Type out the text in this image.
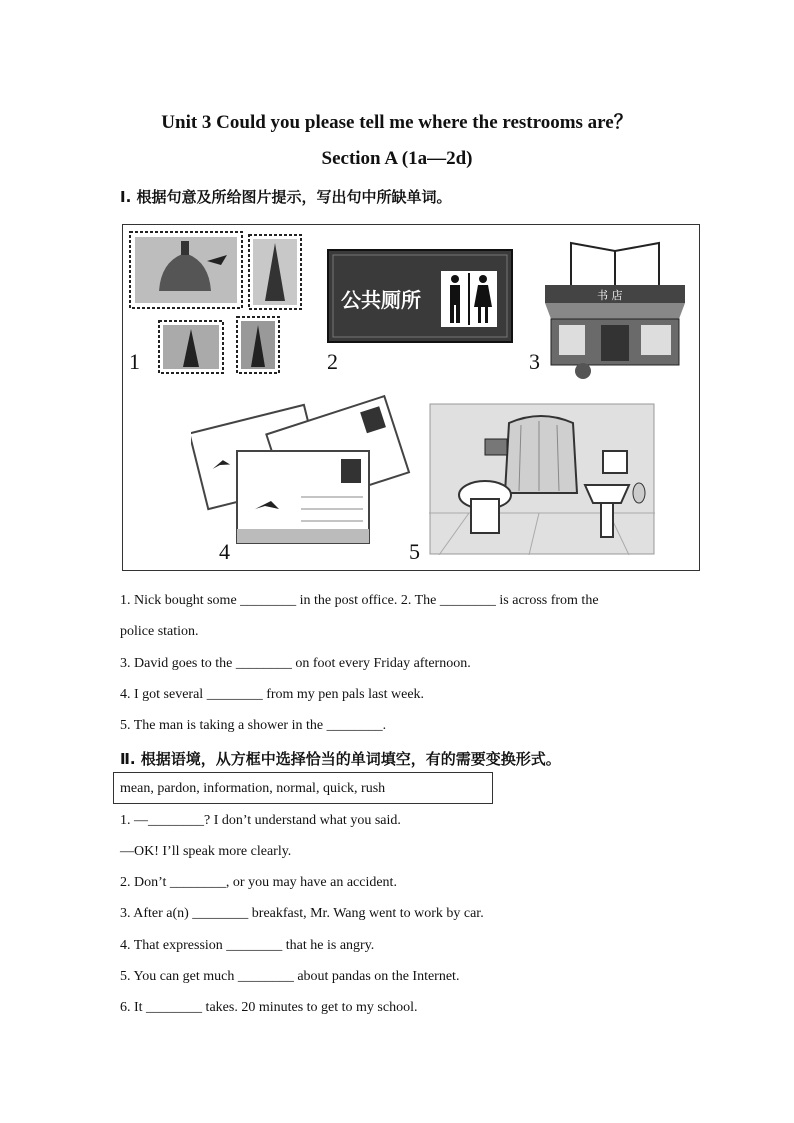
Unit 3 Could you please tell me where the restrooms are？
Section A (1a—2d)
Ⅰ. 根据句意及所给图片提示，写出句中所缺单词。
1
公共厕所
2
书 店
3
4	5
1. Nick bought some ________ in the post office. 2. The ________ is across from the
police station.
3. David goes to the ________ on foot every Friday afternoon.
4. I got several ________ from my pen pals last week.
5. The man is taking a shower in the ________.
Ⅱ. 根据语境，从方框中选择恰当的单词填空，有的需要变换形式。
mean, pardon, information, normal, quick, rush
1. —________? I don’t understand what you said.
—OK! I’ll speak more clearly.
2. Don’t ________, or you may have an accident.
3. After a(n) ________ breakfast, Mr. Wang went to work by car.
4. That expression ________ that he is angry.
5. You can get much ________ about pandas on the Internet.
6. It ________ takes. 20 minutes to get to my school.
